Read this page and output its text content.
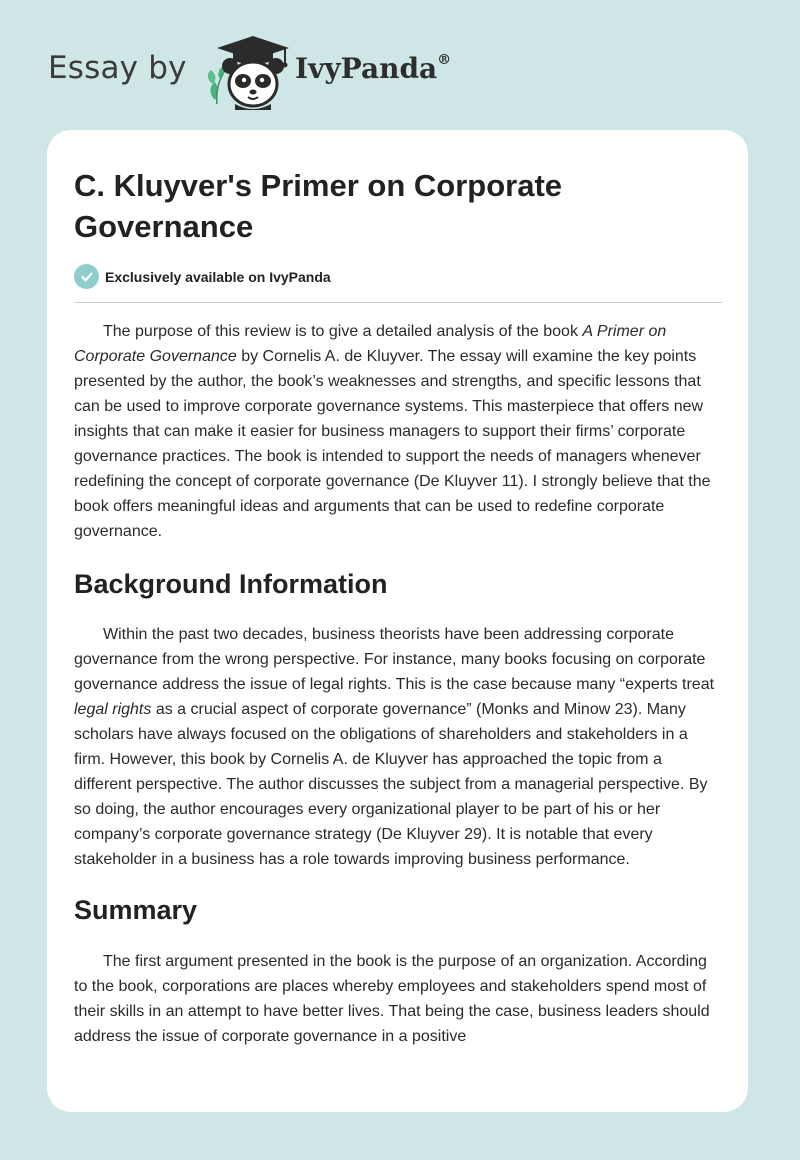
Essay by	IvyPanda®
C. Kluyver's Primer on Corporate Governance
Exclusively available on IvyPanda

The purpose of this review is to give a detailed analysis of the book A Primer on Corporate Governance by Cornelis A. de Kluyver. The essay will examine the key points presented by the author, the book’s weaknesses and strengths, and specific lessons that can be used to improve corporate governance systems. This masterpiece that offers new insights that can make it easier for business managers to support their firms’ corporate governance practices. The book is intended to support the needs of managers whenever redefining the concept of corporate governance (De Kluyver 11). I strongly believe that the book offers meaningful ideas and arguments that can be used to redefine corporate governance.

Background Information

Within the past two decades, business theorists have been addressing corporate governance from the wrong perspective. For instance, many books focusing on corporate governance address the issue of legal rights. This is the case because many “experts treat legal rights as a crucial aspect of corporate governance” (Monks and Minow 23). Many scholars have always focused on the obligations of shareholders and stakeholders in a firm. However, this book by Cornelis A. de Kluyver has approached the topic from a different perspective. The author discusses the subject from a managerial perspective. By so doing, the author encourages every organizational player to be part of his or her company’s corporate governance strategy (De Kluyver 29). It is notable that every stakeholder in a business has a role towards improving business performance.

Summary

The first argument presented in the book is the purpose of an organization. According to the book, corporations are places whereby employees and stakeholders spend most of their skills in an attempt to have better lives. That being the case, business leaders should address the issue of corporate governance in a positive
